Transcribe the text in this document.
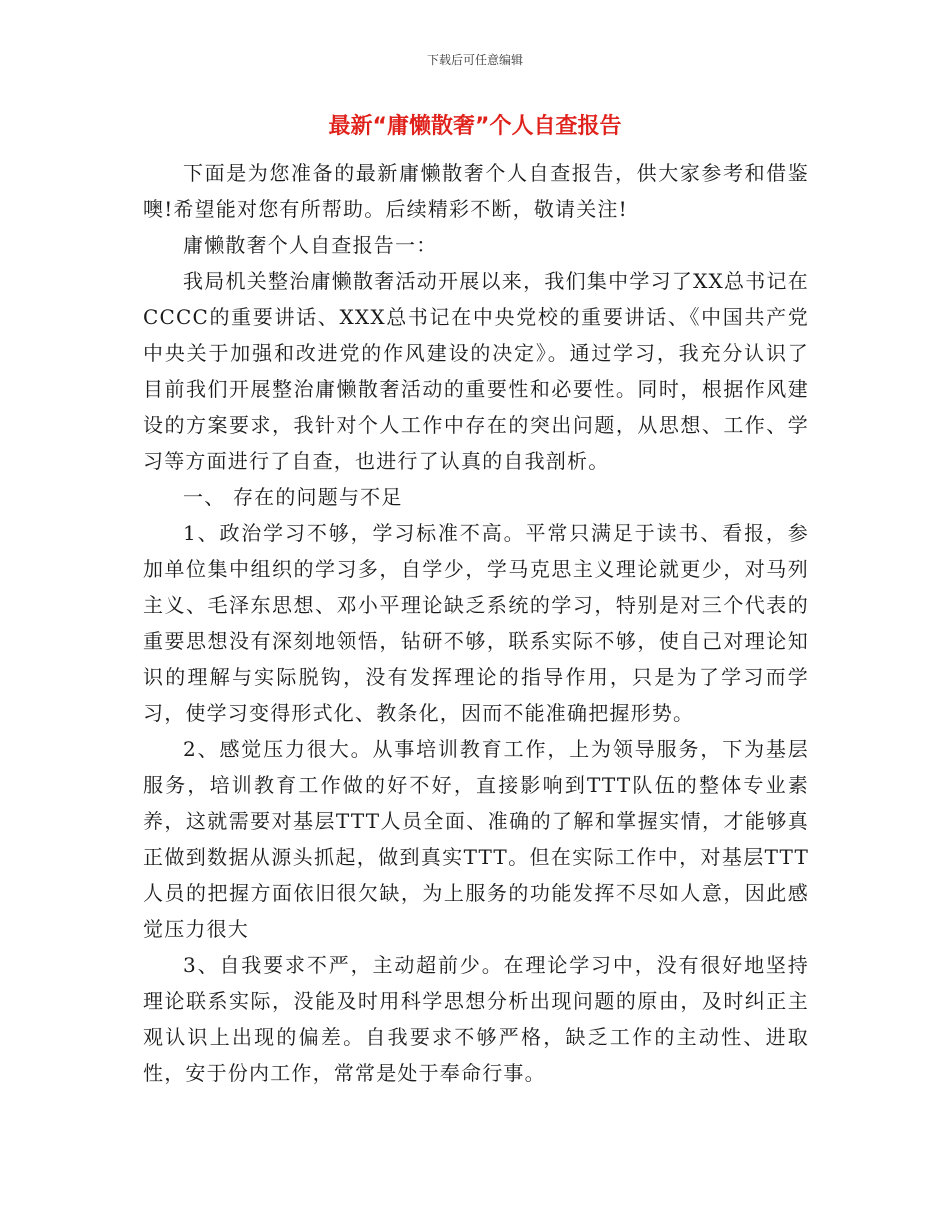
下载后可任意编辑
最新“庸懒散奢”个人自查报告

下面是为您准备的最新庸懒散奢个人自查报告，供大家参考和借鉴噢!希望能对您有所帮助。后续精彩不断，敬请关注!

庸懒散奢个人自查报告一：

我局机关整治庸懒散奢活动开展以来，我们集中学习了XX总书记在CCCC的重要讲话、XXX总书记在中央党校的重要讲话、《中国共产党中央关于加强和改进党的作风建设的决定》。通过学习，我充分认识了目前我们开展整治庸懒散奢活动的重要性和必要性。同时，根据作风建设的方案要求，我针对个人工作中存在的突出问题，从思想、工作、学习等方面进行了自查，也进行了认真的自我剖析。

一、 存在的问题与不足

1、政治学习不够，学习标准不高。平常只满足于读书、看报，参加单位集中组织的学习多，自学少，学马克思主义理论就更少，对马列主义、毛泽东思想、邓小平理论缺乏系统的学习，特别是对三个代表的重要思想没有深刻地领悟，钻研不够，联系实际不够，使自己对理论知识的理解与实际脱钩，没有发挥理论的指导作用，只是为了学习而学习，使学习变得形式化、教条化，因而不能准确把握形势。

2、感觉压力很大。从事培训教育工作，上为领导服务，下为基层服务，培训教育工作做的好不好，直接影响到TTT队伍的整体专业素养，这就需要对基层TTT人员全面、准确的了解和掌握实情，才能够真正做到数据从源头抓起，做到真实TTT。但在实际工作中，对基层TTT人员的把握方面依旧很欠缺，为上服务的功能发挥不尽如人意，因此感觉压力很大

3、自我要求不严，主动超前少。在理论学习中，没有很好地坚持理论联系实际，没能及时用科学思想分析出现问题的原由，及时纠正主观认识上出现的偏差。自我要求不够严格，缺乏工作的主动性、进取性，安于份内工作，常常是处于奉命行事。
